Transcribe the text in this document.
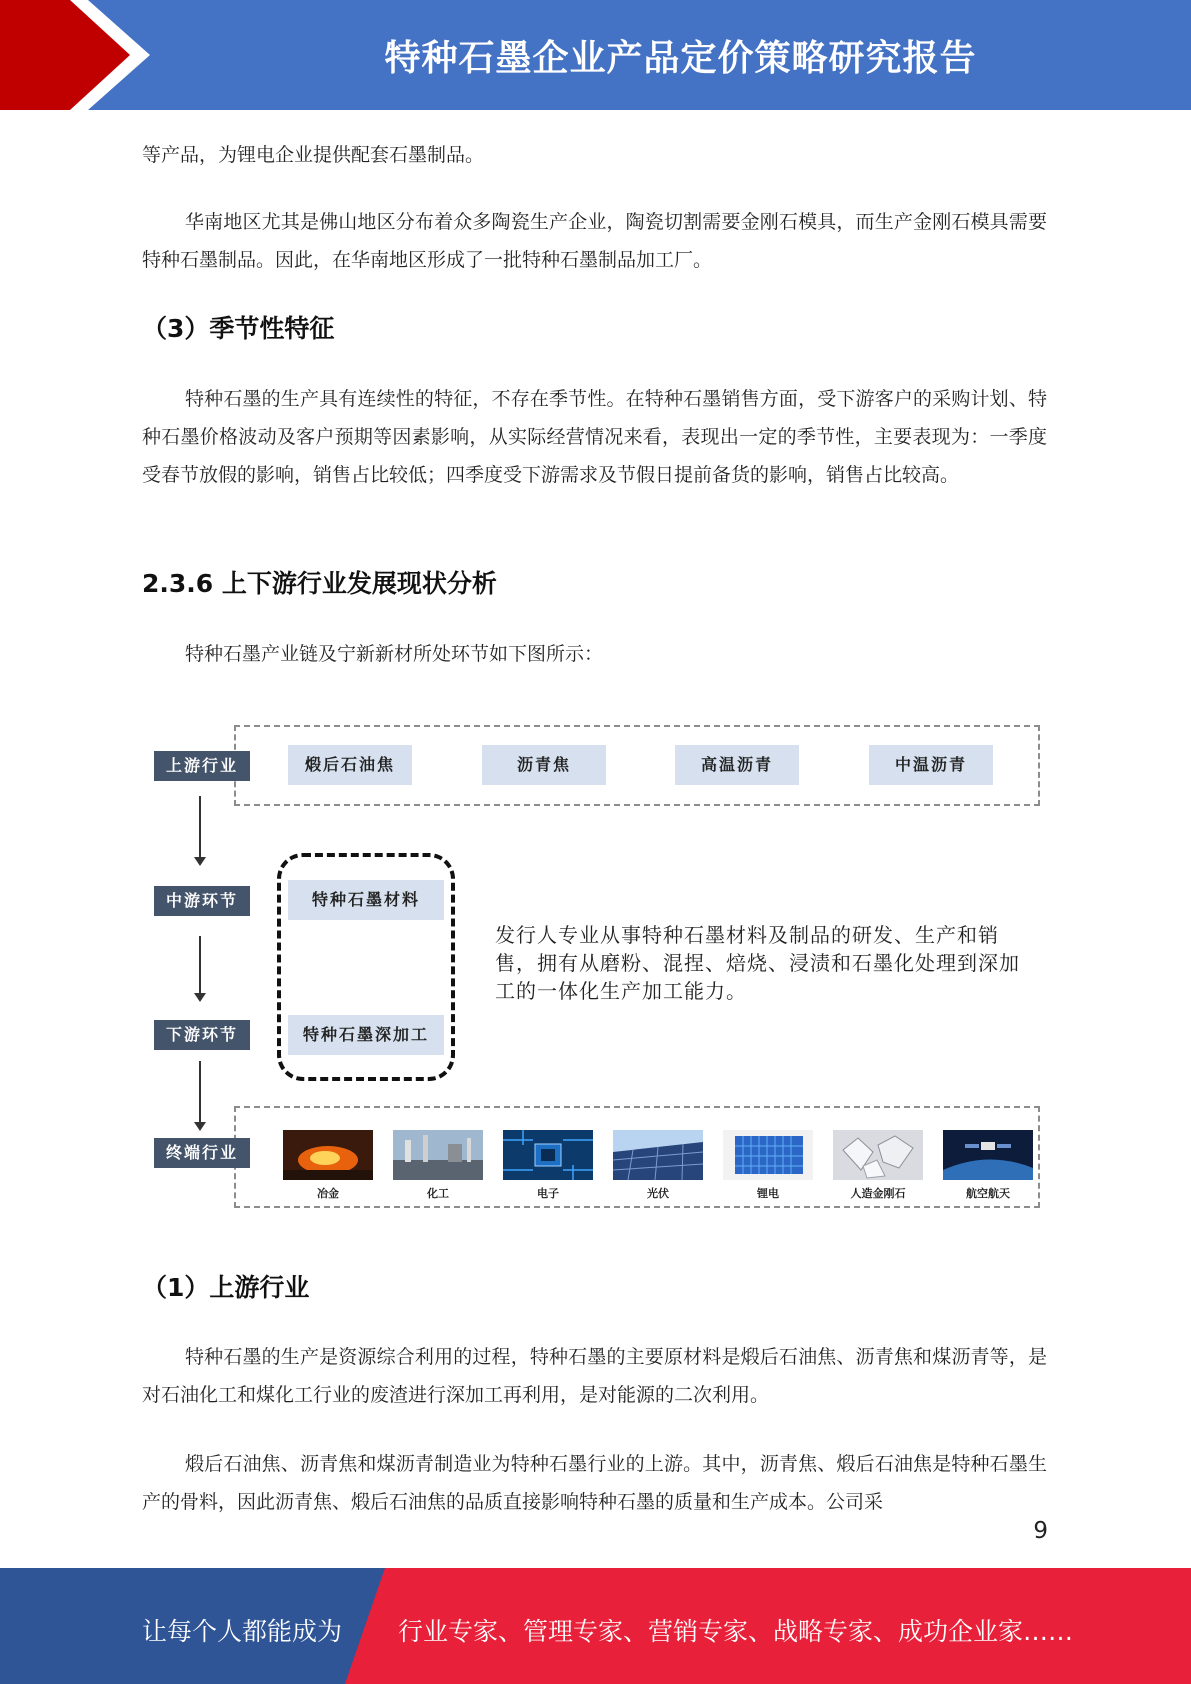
特种石墨企业产品定价策略研究报告
等产品，为锂电企业提供配套石墨制品。
华南地区尤其是佛山地区分布着众多陶瓷生产企业，陶瓷切割需要金刚石模具，而生产金刚石模具需要特种石墨制品。因此，在华南地区形成了一批特种石墨制品加工厂。
（3）季节性特征
特种石墨的生产具有连续性的特征，不存在季节性。在特种石墨销售方面，受下游客户的采购计划、特种石墨价格波动及客户预期等因素影响，从实际经营情况来看，表现出一定的季节性，主要表现为：一季度受春节放假的影响，销售占比较低；四季度受下游需求及节假日提前备货的影响，销售占比较高。
2.3.6 上下游行业发展现状分析
特种石墨产业链及宁新新材所处环节如下图所示：
上游行业	煅后石油焦	沥青焦	高温沥青	中温沥青
中游环节	特种石墨材料
下游环节	特种石墨深加工
发行人专业从事特种石墨材料及制品的研发、生产和销售，拥有从磨粉、混捏、焙烧、浸渍和石墨化处理到深加工的一体化生产加工能力。
终端行业
冶金	化工	电子	光伏	锂电	人造金刚石	航空航天
（1）上游行业
特种石墨的生产是资源综合利用的过程，特种石墨的主要原材料是煅后石油焦、沥青焦和煤沥青等，是对石油化工和煤化工行业的废渣进行深加工再利用，是对能源的二次利用。
煅后石油焦、沥青焦和煤沥青制造业为特种石墨行业的上游。其中，沥青焦、煅后石油焦是特种石墨生产的骨料，因此沥青焦、煅后石油焦的品质直接影响特种石墨的质量和生产成本。公司采
9
让每个人都能成为 行业专家、管理专家、营销专家、战略专家、成功企业家……
